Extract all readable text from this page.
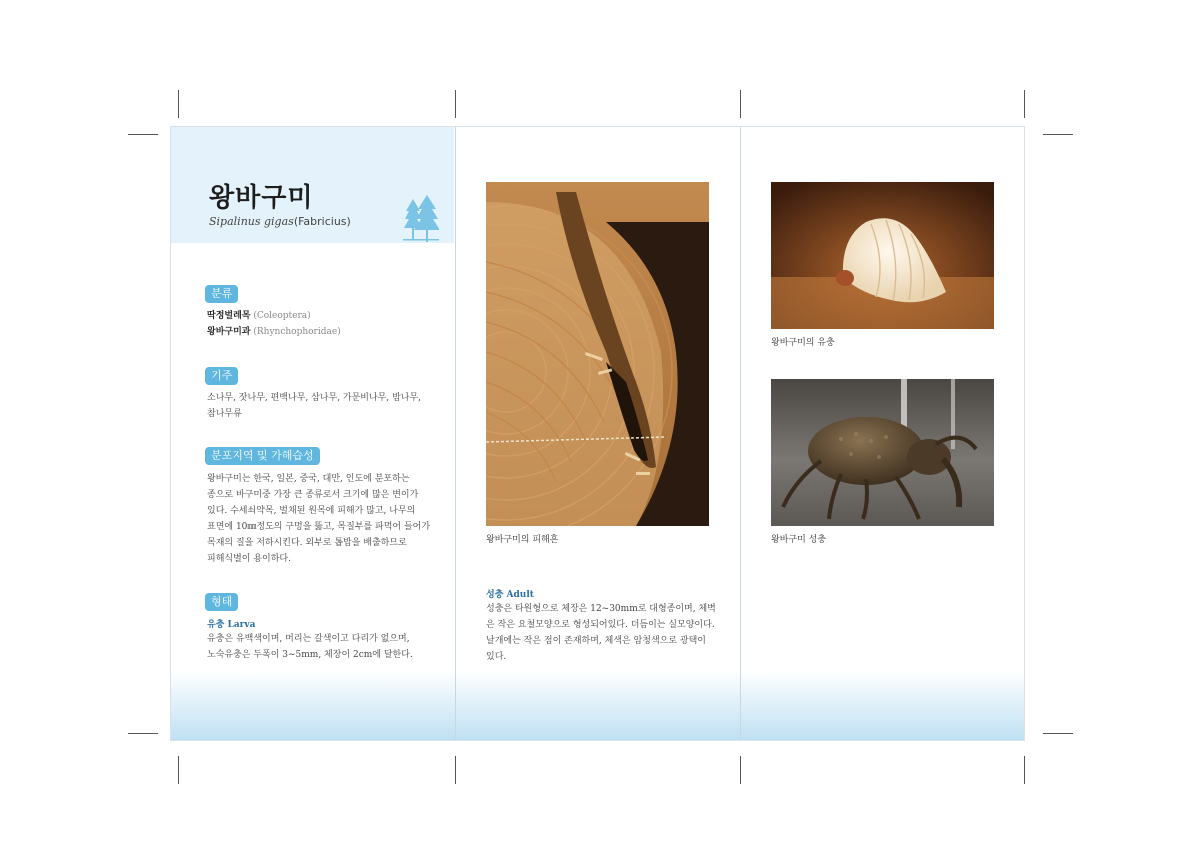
왕바구미
Sipalinus gigas(Fabricius)
분류
딱정벌레목 (Coleoptera)
왕바구미과 (Rhynchophoridae)
기주
소나무, 잣나무, 편백나무, 삼나무, 가문비나무, 밤나무,
참나무류
분포지역 및 가해습성
왕바구미는 한국, 일본, 중국, 대만, 인도에 분포하는
종으로 바구미중 가장 큰 종류로서 크기에 많은 변이가
있다. 수세쇠약목, 벌채된 원목에 피해가 많고, 나무의
표면에 10㎜정도의 구멍을 뚫고, 목질부를 파먹어 들어가
목재의 질을 저하시킨다. 외부로 톱밥을 배출하므로
피해식별이 용이하다.
형태
유충 Larva
유충은 유백색이며, 머리는 갈색이고 다리가 없으며,
노숙유충은 두폭이 3~5mm, 체장이 2cm에 달한다.
왕바구미의 피해흔
성충 Adult
성충은 타원형으로 체장은 12~30mm로 대형종이며, 체벽
은 작은 요철모양으로 형성되어있다. 더듬이는 실모양이다.
날개에는 작은 점이 존재하며, 체색은 암청색으로 광택이
있다.
왕바구미의 유충
왕바구미 성충
